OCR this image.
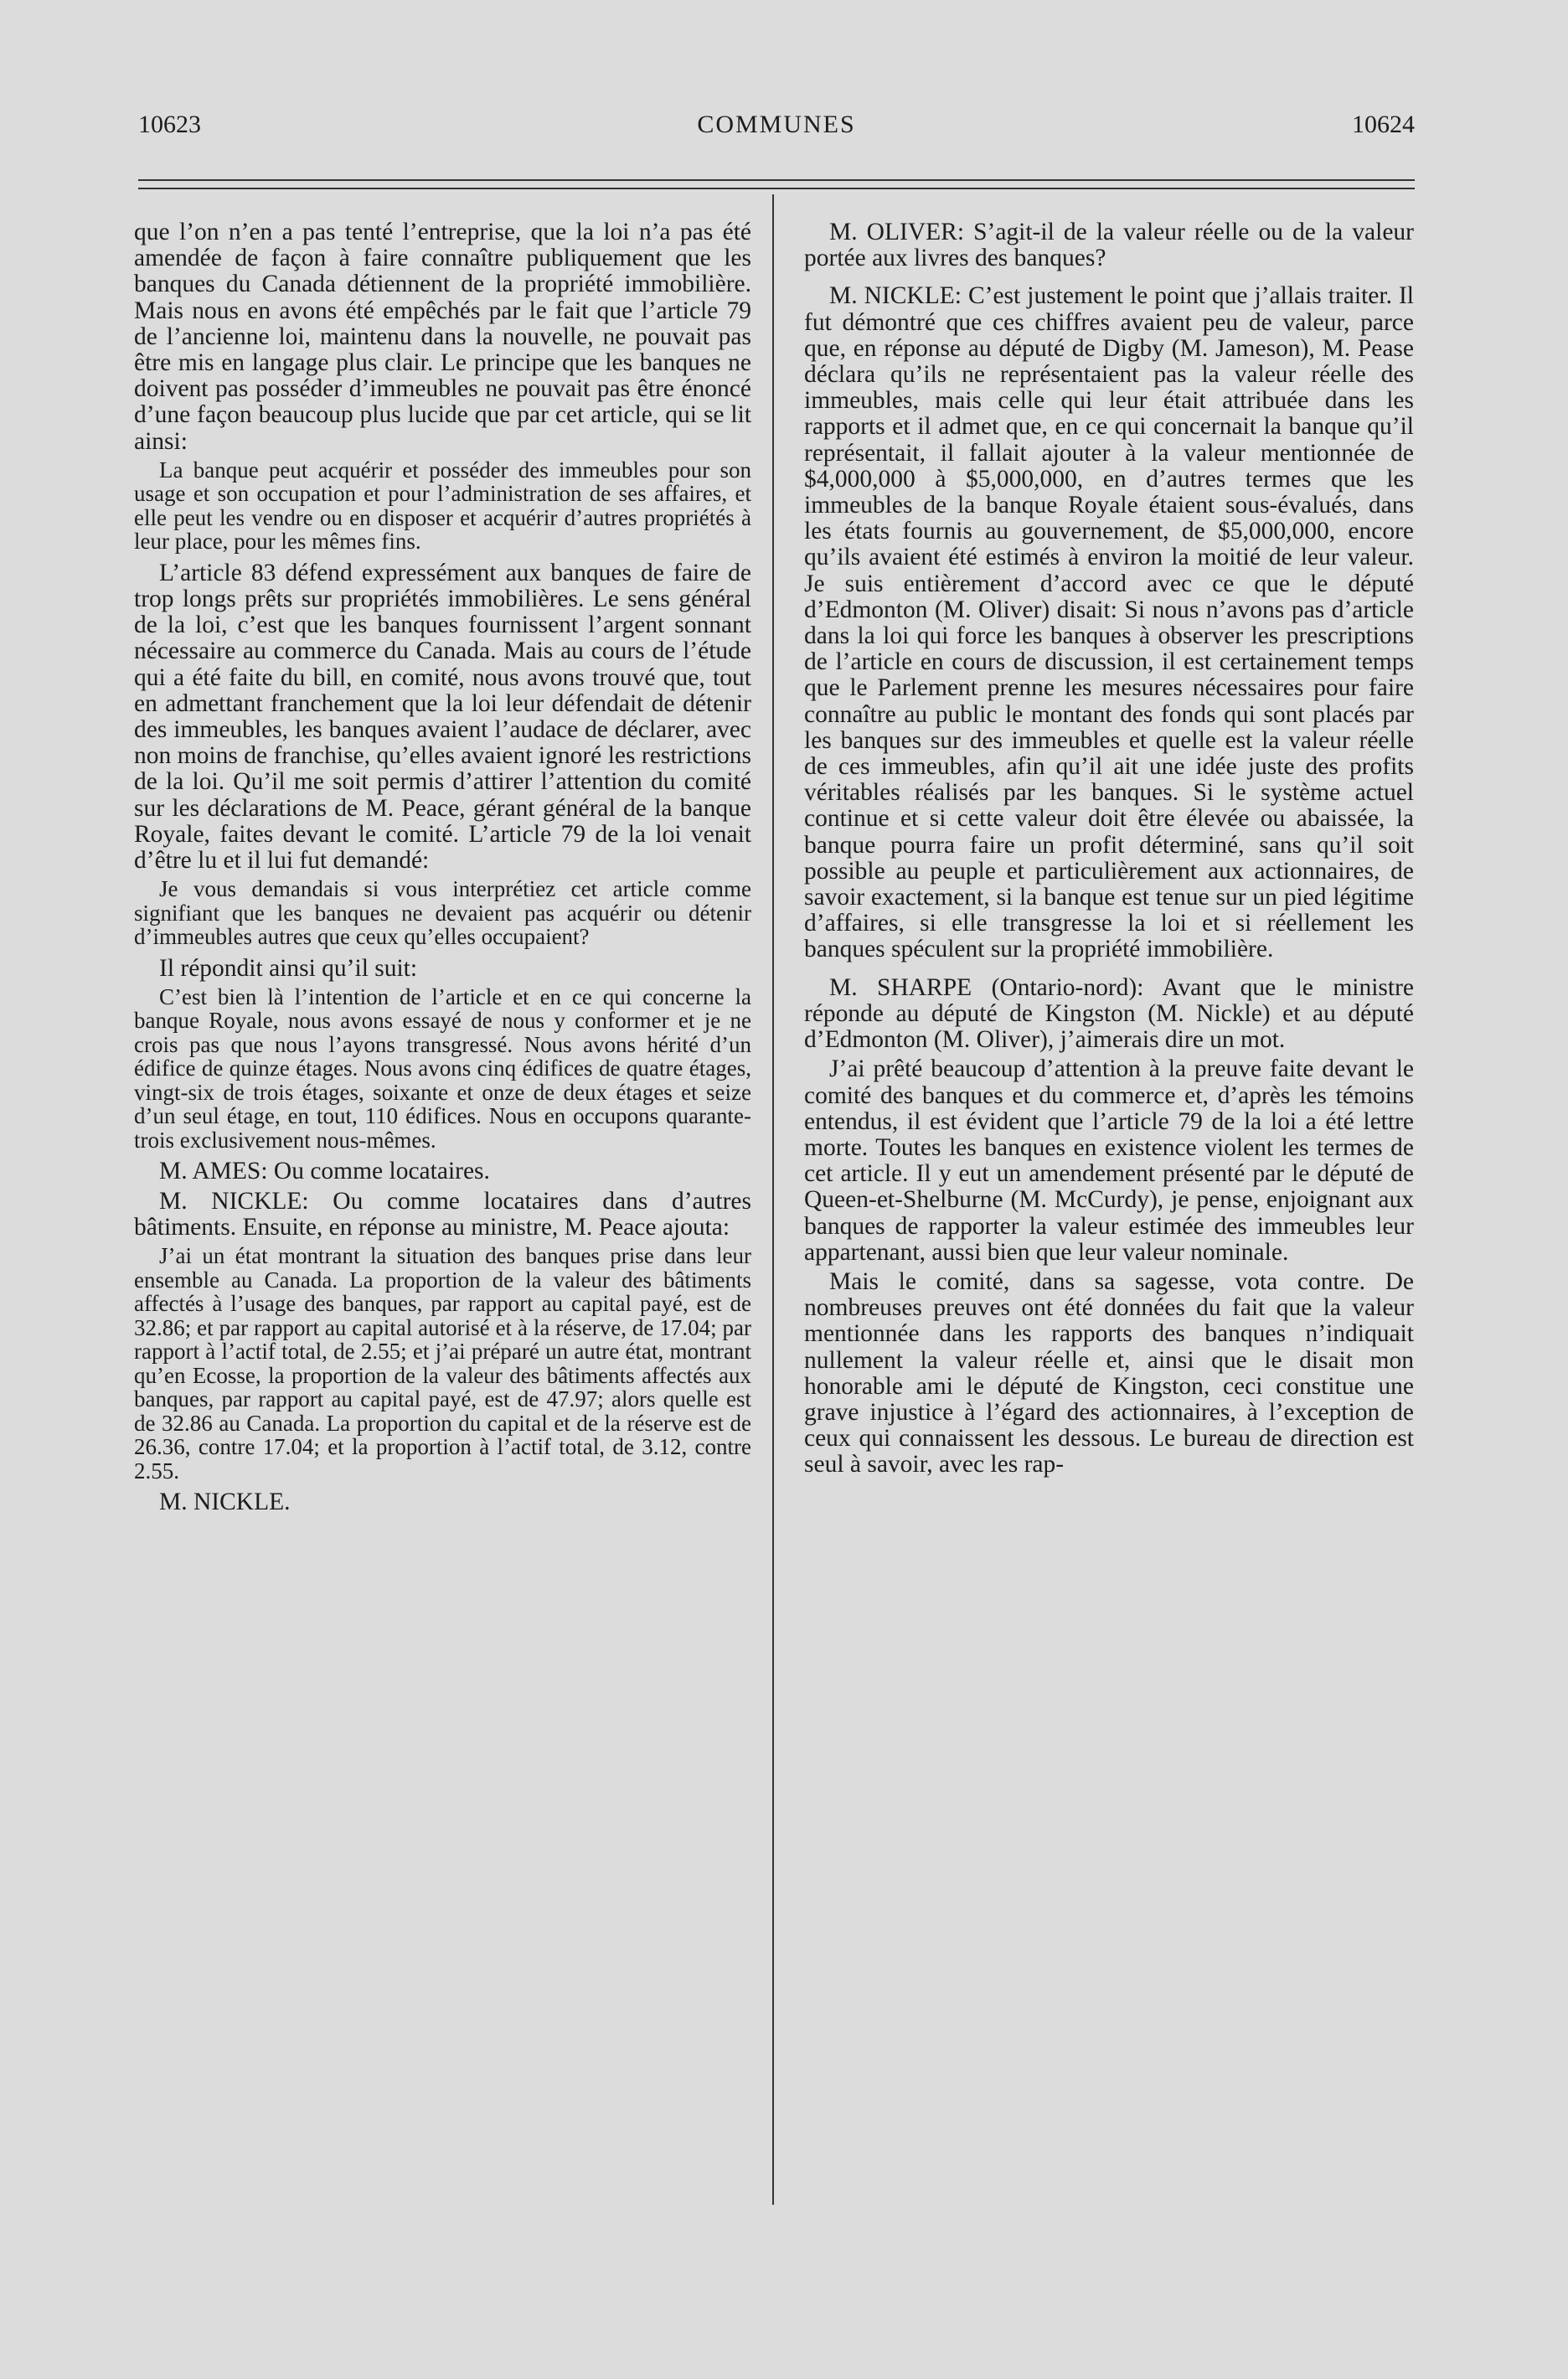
10623	COMMUNES	10624

que l’on n’en a pas tenté l’entreprise, que la loi n’a pas été amendée de façon à faire connaître publiquement que les banques du Canada détiennent de la propriété immobilière. Mais nous en avons été empêchés par le fait que l’article 79 de l’ancienne loi, maintenu dans la nouvelle, ne pouvait pas être mis en langage plus clair. Le principe que les banques ne doivent pas posséder d’immeubles ne pouvait pas être énoncé d’une façon beaucoup plus lucide que par cet article, qui se lit ainsi:

La banque peut acquérir et posséder des immeubles pour son usage et son occupation et pour l’administration de ses affaires, et elle peut les vendre ou en disposer et acquérir d’autres propriétés à leur place, pour les mêmes fins.

L’article 83 défend expressément aux banques de faire de trop longs prêts sur propriétés immobilières. Le sens général de la loi, c’est que les banques fournissent l’argent sonnant nécessaire au commerce du Canada. Mais au cours de l’étude qui a été faite du bill, en comité, nous avons trouvé que, tout en admettant franchement que la loi leur défendait de détenir des immeubles, les banques avaient l’audace de déclarer, avec non moins de franchise, qu’elles avaient ignoré les restrictions de la loi. Qu’il me soit permis d’attirer l’attention du comité sur les déclarations de M. Peace, gérant général de la banque Royale, faites devant le comité. L’article 79 de la loi venait d’être lu et il lui fut demandé:

Je vous demandais si vous interprétiez cet article comme signifiant que les banques ne devaient pas acquérir ou détenir d’immeubles autres que ceux qu’elles occupaient?

Il répondit ainsi qu’il suit:

C’est bien là l’intention de l’article et en ce qui concerne la banque Royale, nous avons essayé de nous y conformer et je ne crois pas que nous l’ayons transgressé. Nous avons hérité d’un édifice de quinze étages. Nous avons cinq édifices de quatre étages, vingt-six de trois étages, soixante et onze de deux étages et seize d’un seul étage, en tout, 110 édifices. Nous en occupons quarante-trois exclusivement nous-mêmes.

M. AMES: Ou comme locataires.

M. NICKLE: Ou comme locataires dans d’autres bâtiments. Ensuite, en réponse au ministre, M. Peace ajouta:

J’ai un état montrant la situation des banques prise dans leur ensemble au Canada. La proportion de la valeur des bâtiments affectés à l’usage des banques, par rapport au capital payé, est de 32.86; et par rapport au capital autorisé et à la réserve, de 17.04; par rapport à l’actif total, de 2.55; et j’ai préparé un autre état, montrant qu’en Ecosse, la proportion de la valeur des bâtiments affectés aux banques, par rapport au capital payé, est de 47.97; alors quelle est de 32.86 au Canada. La proportion du capital et de la réserve est de 26.36, contre 17.04; et la proportion à l’actif total, de 3.12, contre 2.55.

M. NICKLE.

M. OLIVER: S’agit-il de la valeur réelle ou de la valeur portée aux livres des banques?

M. NICKLE: C’est justement le point que j’allais traiter. Il fut démontré que ces chiffres avaient peu de valeur, parce que, en réponse au député de Digby (M. Jameson), M. Pease déclara qu’ils ne représentaient pas la valeur réelle des immeubles, mais celle qui leur était attribuée dans les rapports et il admet que, en ce qui concernait la banque qu’il représentait, il fallait ajouter à la valeur mentionnée de $4,000,000 à $5,000,000, en d’autres termes que les immeubles de la banque Royale étaient sous-évalués, dans les états fournis au gouvernement, de $5,000,000, encore qu’ils avaient été estimés à environ la moitié de leur valeur. Je suis entièrement d’accord avec ce que le député d’Edmonton (M. Oliver) disait: Si nous n’avons pas d’article dans la loi qui force les banques à observer les prescriptions de l’article en cours de discussion, il est certainement temps que le Parlement prenne les mesures nécessaires pour faire connaître au public le montant des fonds qui sont placés par les banques sur des immeubles et quelle est la valeur réelle de ces immeubles, afin qu’il ait une idée juste des profits véritables réalisés par les banques. Si le système actuel continue et si cette valeur doit être élevée ou abaissée, la banque pourra faire un profit déterminé, sans qu’il soit possible au peuple et particulièrement aux actionnaires, de savoir exactement, si la banque est tenue sur un pied légitime d’affaires, si elle transgresse la loi et si réellement les banques spéculent sur la propriété immobilière.

M. SHARPE (Ontario-nord): Avant que le ministre réponde au député de Kingston (M. Nickle) et au député d’Edmonton (M. Oliver), j’aimerais dire un mot.

J’ai prêté beaucoup d’attention à la preuve faite devant le comité des banques et du commerce et, d’après les témoins entendus, il est évident que l’article 79 de la loi a été lettre morte. Toutes les banques en existence violent les termes de cet article. Il y eut un amendement présenté par le député de Queen-et-Shelburne (M. McCurdy), je pense, enjoignant aux banques de rapporter la valeur estimée des immeubles leur appartenant, aussi bien que leur valeur nominale.

Mais le comité, dans sa sagesse, vota contre. De nombreuses preuves ont été données du fait que la valeur mentionnée dans les rapports des banques n’indiquait nullement la valeur réelle et, ainsi que le disait mon honorable ami le député de Kingston, ceci constitue une grave injustice à l’égard des actionnaires, à l’exception de ceux qui connaissent les dessous. Le bureau de direction est seul à savoir, avec les rap-
